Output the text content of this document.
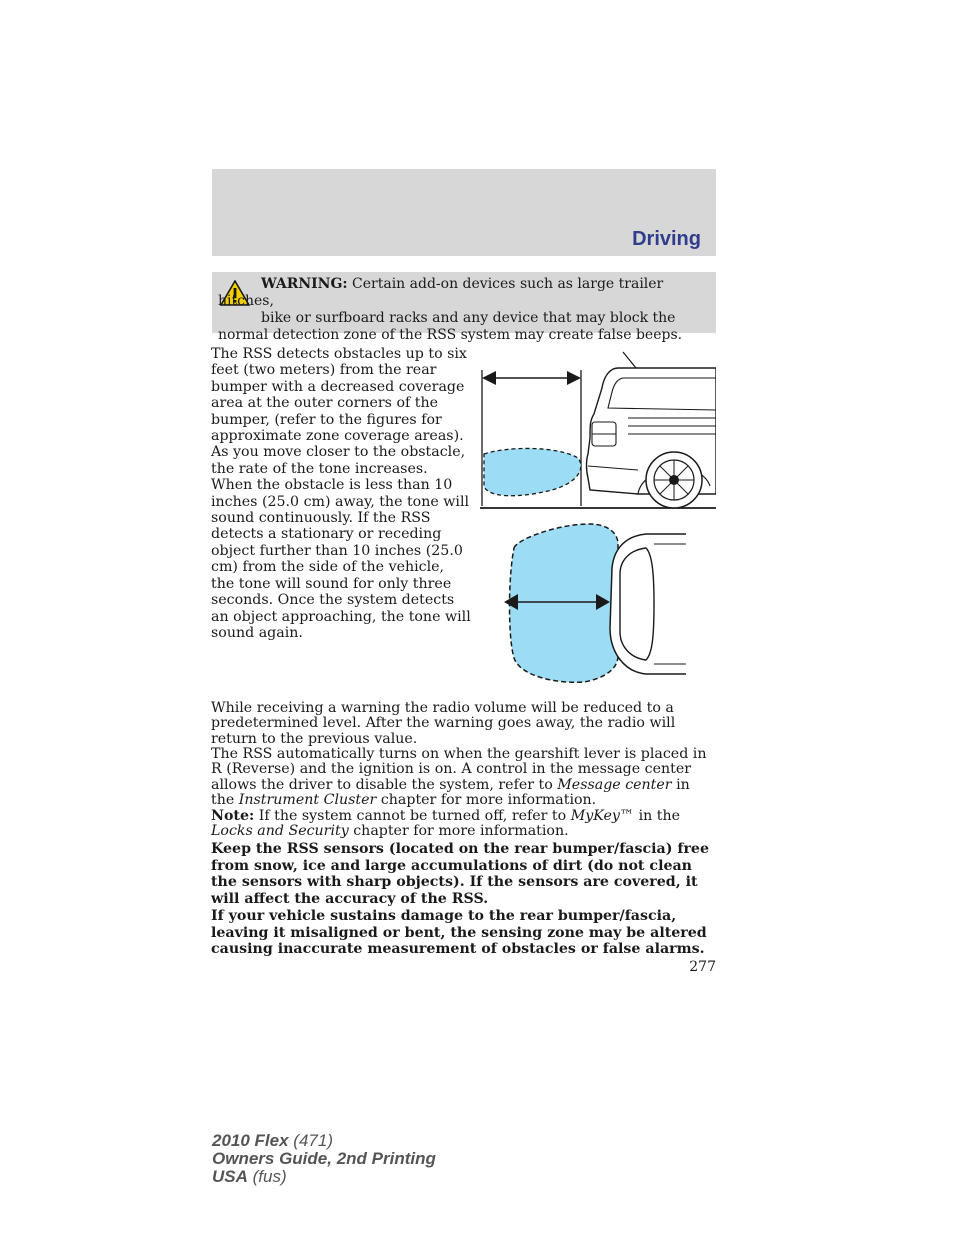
Driving

WARNING: Certain add-on devices such as large trailer hitches,
bike or surfboard racks and any device that may block the
normal detection zone of the RSS system may create false beeps.

The RSS detects obstacles up to six feet (two meters) from the rear bumper with a decreased coverage area at the outer corners of the bumper, (refer to the figures for approximate zone coverage areas). As you move closer to the obstacle, the rate of the tone increases. When the obstacle is less than 10 inches (25.0 cm) away, the tone will sound continuously. If the RSS detects a stationary or receding object further than 10 inches (25.0 cm) from the side of the vehicle, the tone will sound for only three seconds. Once the system detects an object approaching, the tone will sound again.

While receiving a warning the radio volume will be reduced to a predetermined level. After the warning goes away, the radio will return to the previous value.

The RSS automatically turns on when the gearshift lever is placed in R (Reverse) and the ignition is on. A control in the message center allows the driver to disable the system, refer to Message center in the Instrument Cluster chapter for more information.

Note: If the system cannot be turned off, refer to MyKey™ in the Locks and Security chapter for more information.

Keep the RSS sensors (located on the rear bumper/fascia) free from snow, ice and large accumulations of dirt (do not clean the sensors with sharp objects). If the sensors are covered, it will affect the accuracy of the RSS.

If your vehicle sustains damage to the rear bumper/fascia, leaving it misaligned or bent, the sensing zone may be altered causing inaccurate measurement of obstacles or false alarms.

277
2010 Flex (471)
Owners Guide, 2nd Printing
USA (fus)
